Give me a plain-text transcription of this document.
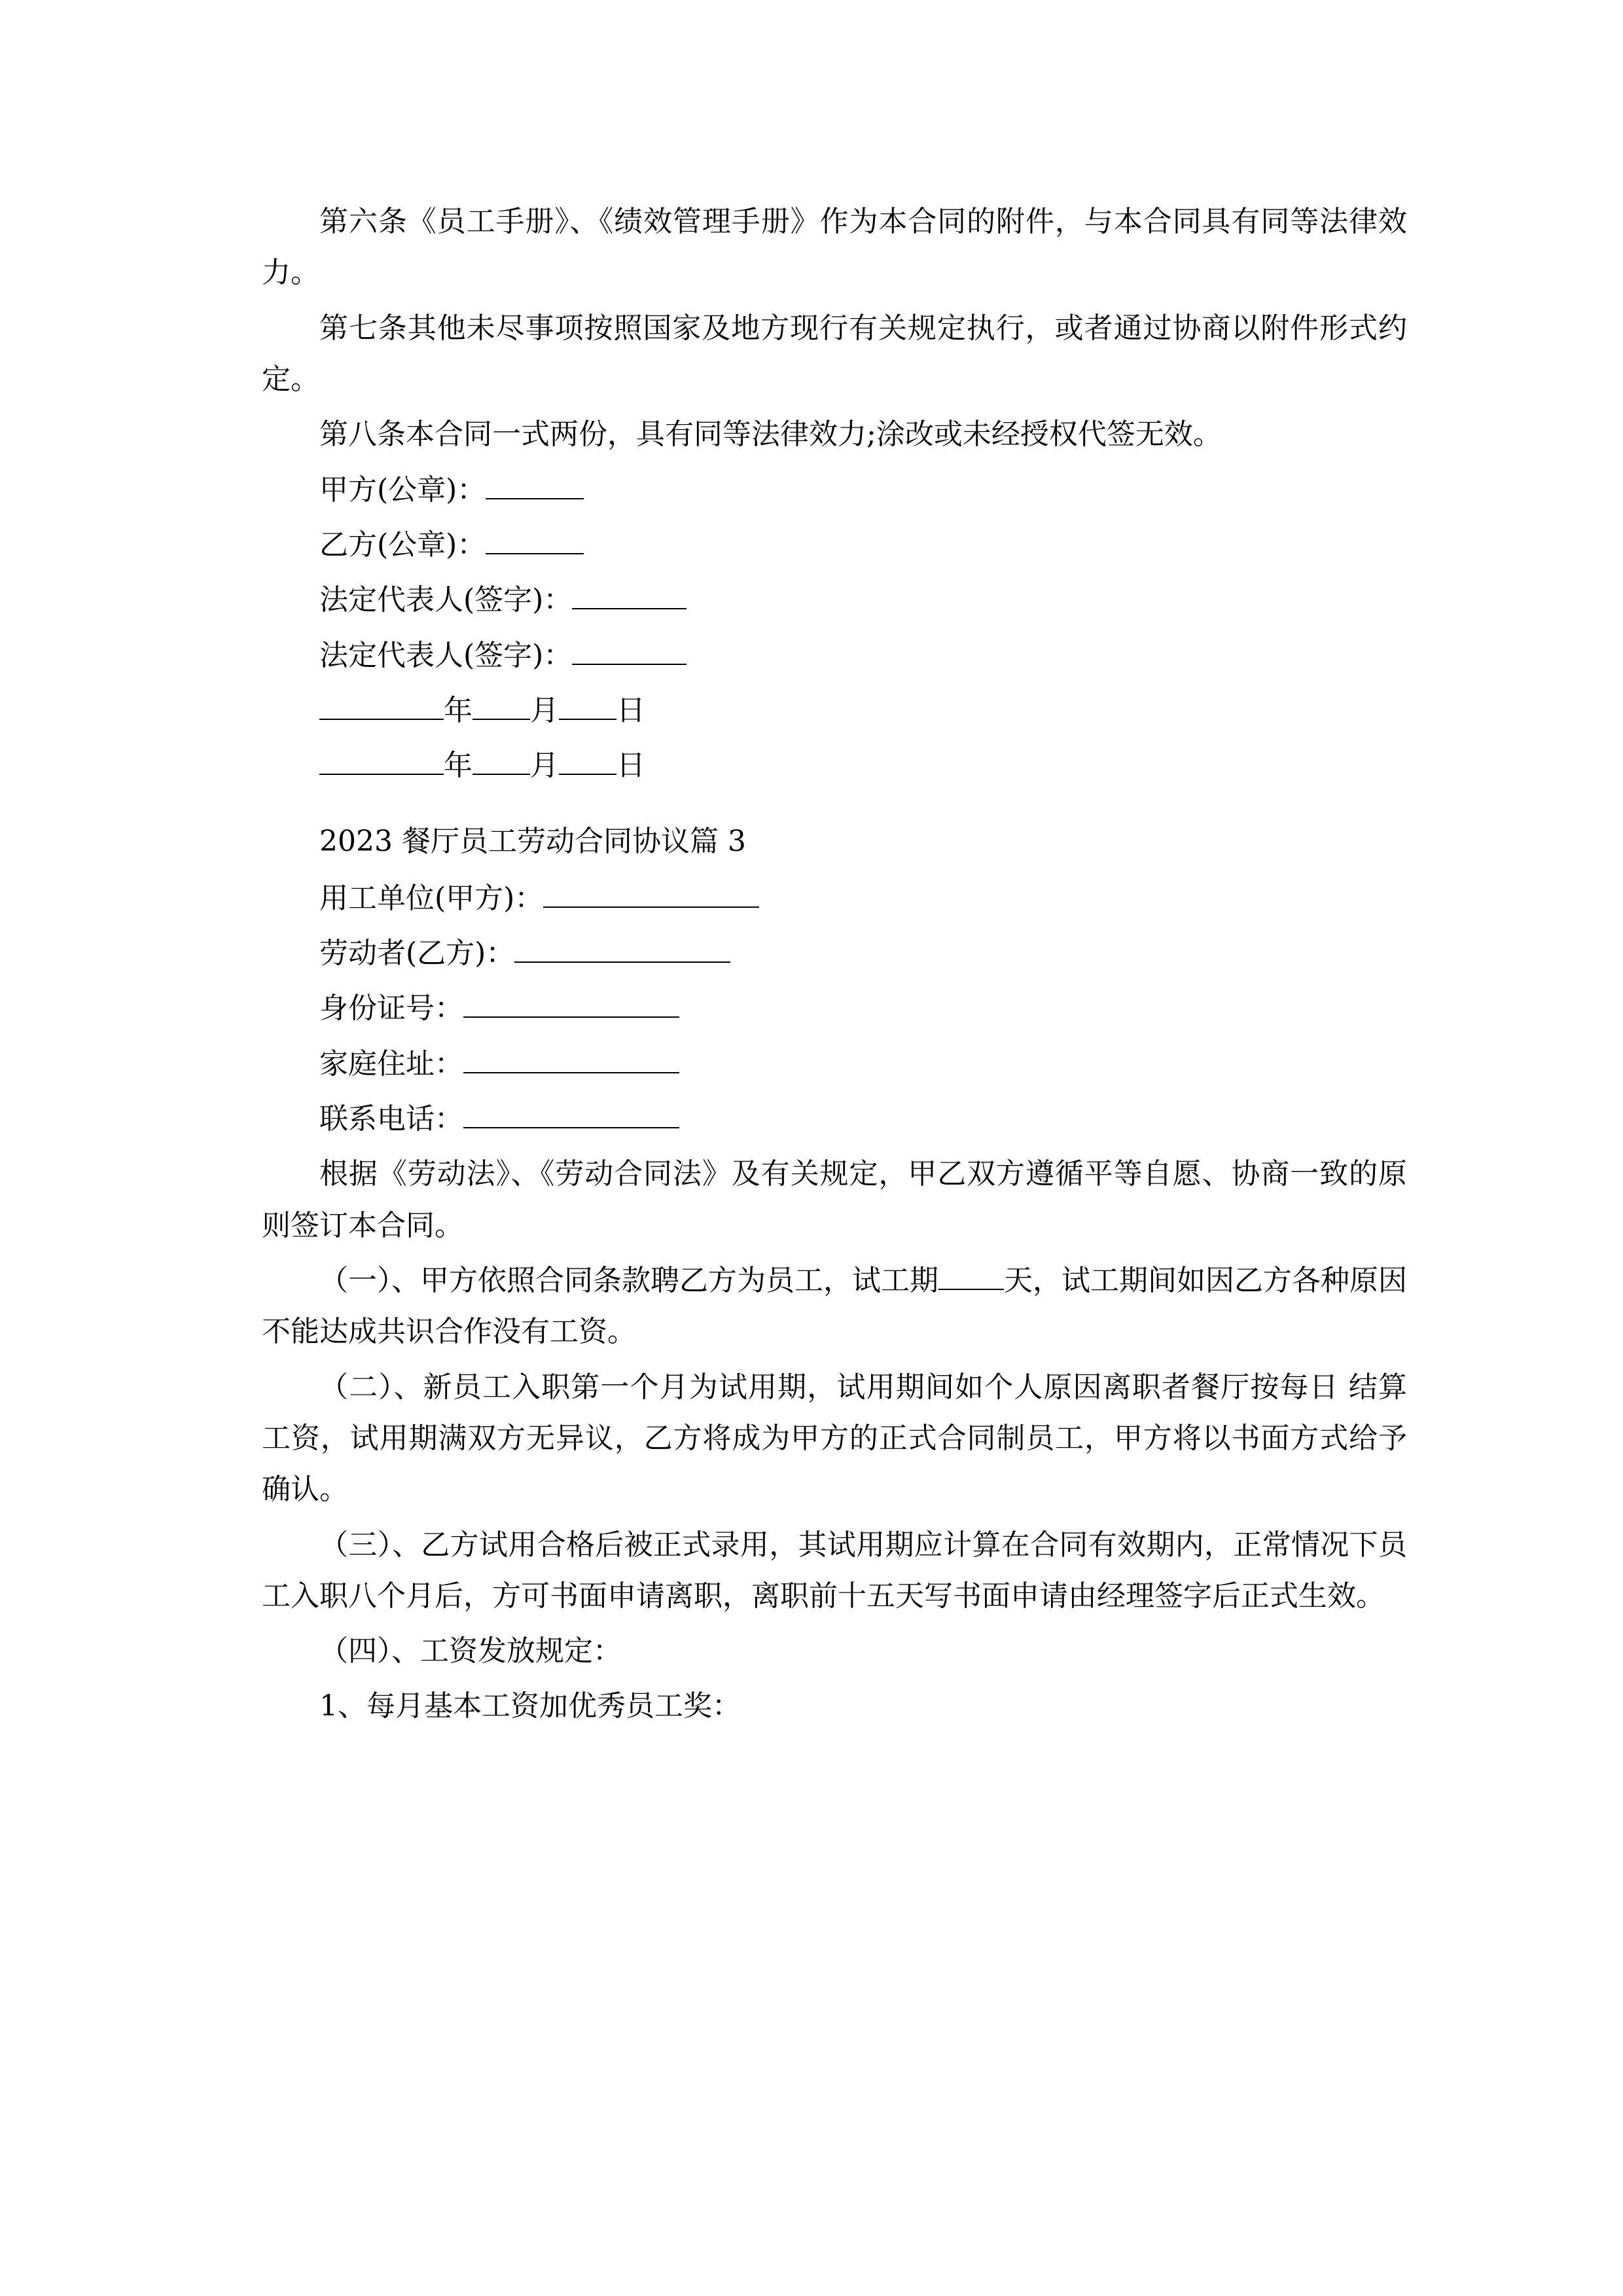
第六条《员工手册》、《绩效管理手册》作为本合同的附件，与本合同具有同等法律效力。

第七条其他未尽事项按照国家及地方现行有关规定执行，或者通过协商以附件形式约定。

第八条本合同一式两份，具有同等法律效力;涂改或未经授权代签无效。

甲方(公章)：

乙方(公章)：

法定代表人(签字)：

法定代表人(签字)：

年 月 日

年 月 日

2023 餐厅员工劳动合同协议篇 3

用工单位(甲方)：

劳动者(乙方)：

身份证号：

家庭住址：

联系电话：

根据《劳动法》、《劳动合同法》及有关规定，甲乙双方遵循平等自愿、协商一致的原则签订本合同。

（一）、甲方依照合同条款聘乙方为员工，试工期 天，试工期间如因乙方各种原因不能达成共识合作没有工资。

（二）、新员工入职第一个月为试用期，试用期间如个人原因离职者餐厅按每日 结算工资，试用期满双方无异议，乙方将成为甲方的正式合同制员工，甲方将以书面方式给予确认。

（三）、乙方试用合格后被正式录用，其试用期应计算在合同有效期内，正常情况下员工入职八个月后，方可书面申请离职，离职前十五天写书面申请由经理签字后正式生效。

（四）、工资发放规定：

1、每月基本工资加优秀员工奖：
